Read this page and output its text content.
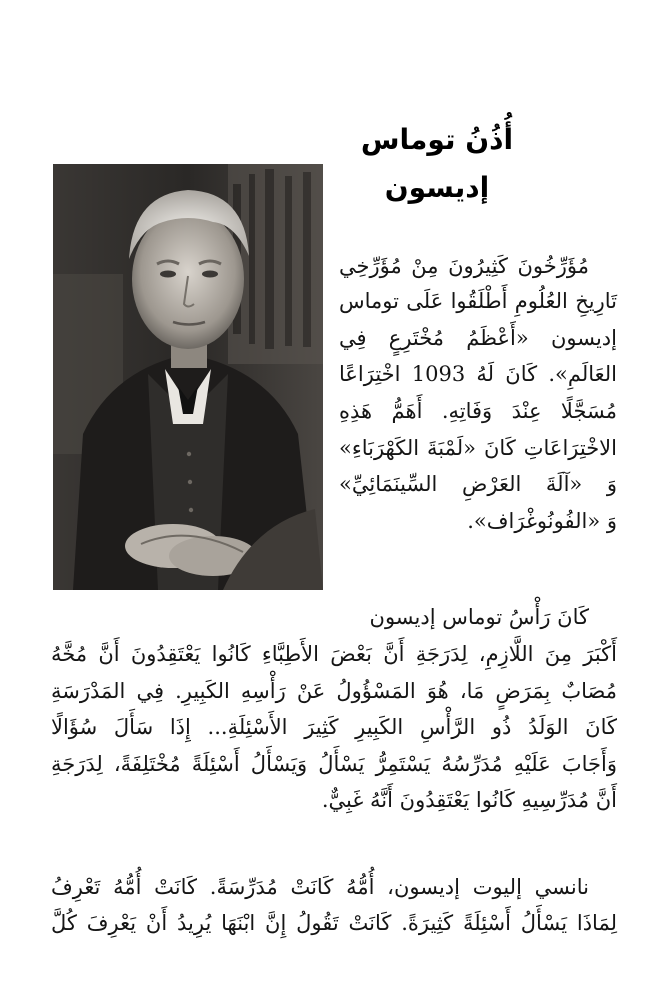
أُذُنُ توماس
إديسون
مُؤَرِّخُونَ كَثِيرُونَ مِنْ مُؤَرِّخِي
تَارِيخِ العُلُومِ أَطْلَقُوا عَلَى توماس
إديسون «أَعْظَمُ مُخْتَرِعٍ فِي
العَالَمِ». كَانَ لَهُ 1093 اخْتِرَاعًا
مُسَجَّلًا عِنْدَ وَفَاتِهِ. أَهَمُّ هَذِهِ
الاخْتِرَاعَاتِ كَانَ «لَمْبَةَ الكَهْرَبَاءِ»
وَ «آلَةَ العَرْضِ السِّينَمَائِيِّ»
وَ «الفُونُوغْرَاف».
كَانَ رَأْسُ توماس إديسون
أَكْبَرَ مِنَ اللَّازِمِ، لِدَرَجَةِ أَنَّ بَعْضَ الأَطِبَّاءِ كَانُوا يَعْتَقِدُونَ أَنَّ مُخَّهُ
مُصَابٌ بِمَرَضٍ مَا، هُوَ المَسْؤُولُ عَنْ رَأْسِهِ الكَبِيرِ. فِي المَدْرَسَةِ
كَانَ الوَلَدُ ذُو الرَّأْسِ الكَبِيرِ كَثِيرَ الأَسْئِلَةِ... إِذَا سَأَلَ سُؤَالًا
وَأَجَابَ عَلَيْهِ مُدَرِّسُهُ يَسْتَمِرُّ يَسْأَلُ وَيَسْأَلُ أَسْئِلَةً مُخْتَلِفَةً، لِدَرَجَةِ
أَنَّ مُدَرِّسِيهِ كَانُوا يَعْتَقِدُونَ أَنَّهُ غَبِيٌّ.
نانسي إليوت إديسون، أُمُّهُ كَانَتْ مُدَرِّسَةً. كَانَتْ أُمُّهُ تَعْرِفُ
لِمَاذَا يَسْأَلُ أَسْئِلَةً كَثِيرَةً. كَانَتْ تَقُولُ إِنَّ ابْنَهَا يُرِيدُ أَنْ يَعْرِفَ كُلَّ
